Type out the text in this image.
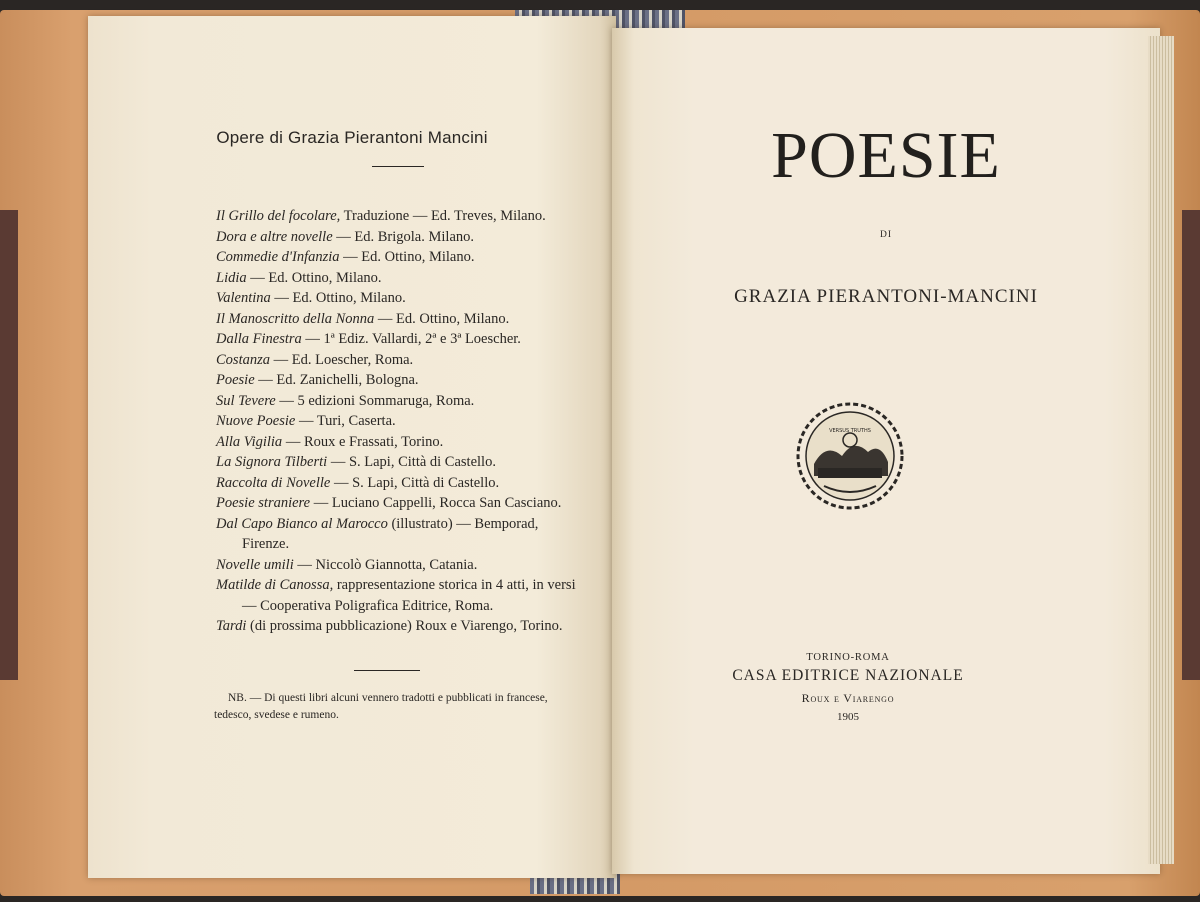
Opere di Grazia Pierantoni Mancini
Il Grillo del focolare, Traduzione — Ed. Treves, Milano.
Dora e altre novelle — Ed. Brigola. Milano.
Commedie d'Infanzia — Ed. Ottino, Milano.
Lidia — Ed. Ottino, Milano.
Valentina — Ed. Ottino, Milano.
Il Manoscritto della Nonna — Ed. Ottino, Milano.
Dalla Finestra — 1ª Ediz. Vallardi, 2ª e 3ª Loescher.
Costanza — Ed. Loescher, Roma.
Poesie — Ed. Zanichelli, Bologna.
Sul Tevere — 5 edizioni Sommaruga, Roma.
Nuove Poesie — Turi, Caserta.
Alla Vigilia — Roux e Frassati, Torino.
La Signora Tilberti — S. Lapi, Città di Castello.
Raccolta di Novelle — S. Lapi, Città di Castello.
Poesie straniere — Luciano Cappelli, Rocca San Casciano.
Dal Capo Bianco al Marocco (illustrato) — Bemporad, Firenze.
Novelle umili — Niccolò Giannotta, Catania.
Matilde di Canossa, rappresentazione storica in 4 atti, in versi — Cooperativa Poligrafica Editrice, Roma.
Tardi (di prossima pubblicazione) Roux e Viarengo, Torino.
NB. — Di questi libri alcuni vennero tradotti e pubblicati in francese, tedesco, svedese e rumeno.
POESIE
DI
GRAZIA PIERANTONI-MANCINI
VERSUS TRUTHS
TORINO-ROMA
CASA EDITRICE NAZIONALE
Roux e Viarengo
1905
